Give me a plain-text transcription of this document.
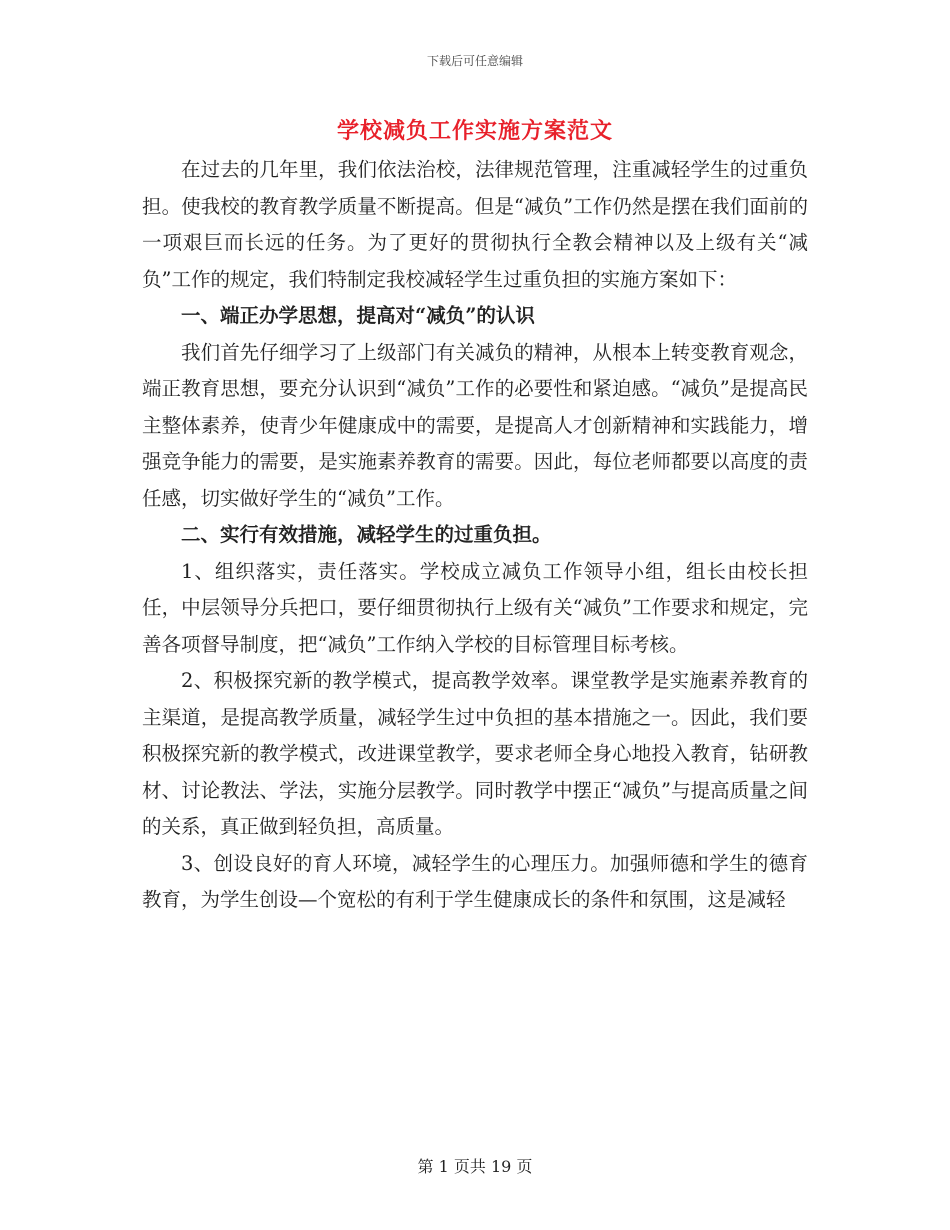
下载后可任意编辑
学校减负工作实施方案范文

在过去的几年里，我们依法治校，法律规范管理，注重减轻学生的过重负担。使我校的教育教学质量不断提高。但是“减负”工作仍然是摆在我们面前的一项艰巨而长远的任务。为了更好的贯彻执行全教会精神以及上级有关“减负”工作的规定，我们特制定我校减轻学生过重负担的实施方案如下：

一、端正办学思想，提高对“减负”的认识

我们首先仔细学习了上级部门有关减负的精神，从根本上转变教育观念，端正教育思想，要充分认识到“减负”工作的必要性和紧迫感。“减负”是提高民主整体素养，使青少年健康成中的需要，是提高人才创新精神和实践能力，增强竞争能力的需要，是实施素养教育的需要。因此，每位老师都要以高度的责任感，切实做好学生的“减负”工作。

二、实行有效措施，减轻学生的过重负担。

1、组织落实，责任落实。学校成立减负工作领导小组，组长由校长担任，中层领导分兵把口，要仔细贯彻执行上级有关“减负”工作要求和规定，完善各项督导制度，把“减负”工作纳入学校的目标管理目标考核。

2、积极探究新的教学模式，提高教学效率。课堂教学是实施素养教育的主渠道，是提高教学质量，减轻学生过中负担的基本措施之一。因此，我们要积极探究新的教学模式，改进课堂教学，要求老师全身心地投入教育，钻研教材、讨论教法、学法，实施分层教学。同时教学中摆正“减负”与提高质量之间的关系，真正做到轻负担，高质量。

3、创设良好的育人环境，减轻学生的心理压力。加强师德和学生的德育教育，为学生创设—个宽松的有利于学生健康成长的条件和氛围，这是减轻

第 1 页共 19 页
